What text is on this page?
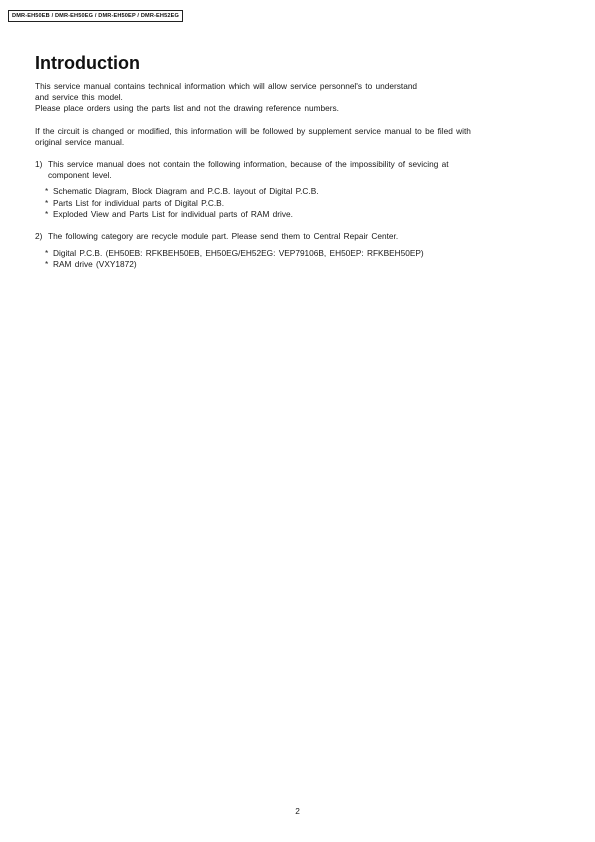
DMR-EH50EB / DMR-EH50EG / DMR-EH50EP / DMR-EH52EG
Introduction

This service manual contains technical information which will allow service personnel's to understand
and service this model.
Please place orders using the parts list and not the drawing reference numbers.

If the circuit is changed or modified, this information will be followed by supplement service manual to be filed with
original service manual.

1) This service manual does not contain the following information, because of the impossibility of sevicing at
component level.
* Schematic Diagram, Block Diagram and P.C.B. layout of Digital P.C.B.
* Parts List for individual parts of Digital P.C.B.
* Exploded View and Parts List for individual parts of RAM drive.
2) The following category are recycle module part. Please send them to Central Repair Center.
* Digital P.C.B. (EH50EB: RFKBEH50EB, EH50EG/EH52EG: VEP79106B, EH50EP: RFKBEH50EP)
* RAM drive (VXY1872)
2
